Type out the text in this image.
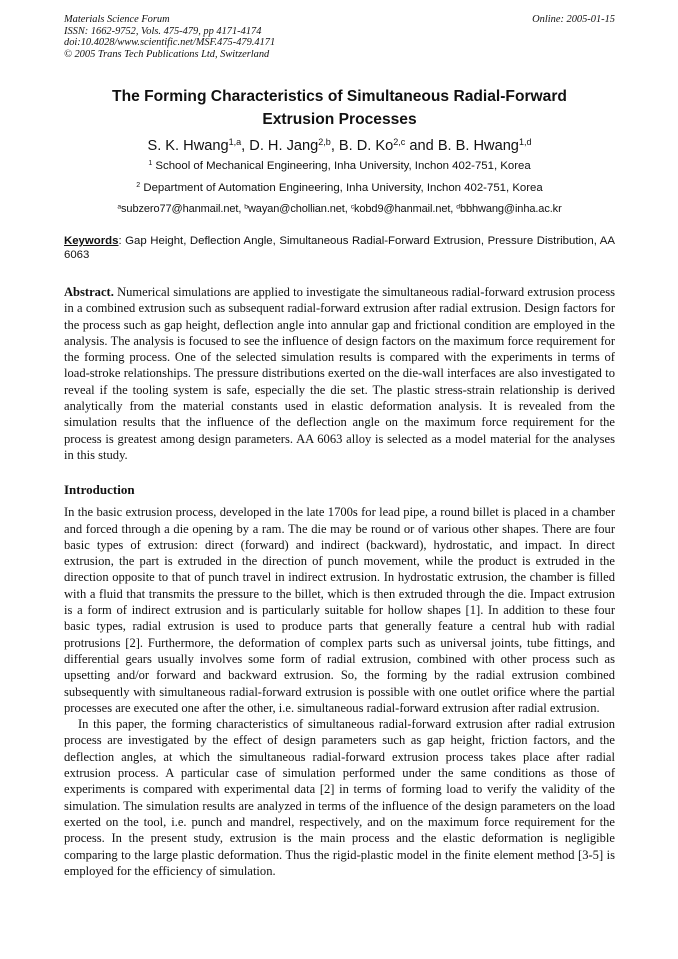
Materials Science Forum
ISSN: 1662-9752, Vols. 475-479, pp 4171-4174
doi:10.4028/www.scientific.net/MSF.475-479.4171
© 2005 Trans Tech Publications Ltd, Switzerland
Online: 2005-01-15
The Forming Characteristics of Simultaneous Radial-Forward
Extrusion Processes
S. K. Hwang$^{1,a}$, D. H. Jang$^{2,b}$, B. D. Ko$^{2,c}$ and B. B. Hwang$^{1,d}$
$^1$ School of Mechanical Engineering, Inha University, Inchon 402-751, Korea
$^2$ Department of Automation Engineering, Inha University, Inchon 402-751, Korea
$^a$subzero77@hanmail.net, $^b$wayan@chollian.net, $^c$kobd9@hanmail.net, $^d$bbhwang@inha.ac.kr
Keywords: Gap Height, Deflection Angle, Simultaneous Radial-Forward Extrusion, Pressure Distribution, AA 6063
Abstract. Numerical simulations are applied to investigate the simultaneous radial-forward extrusion process in a combined extrusion such as subsequent radial-forward extrusion after radial extrusion. Design factors for the process such as gap height, deflection angle into annular gap and frictional condition are employed in the analysis. The analysis is focused to see the influence of design factors on the maximum force requirement for the forming process. One of the selected simulation results is compared with the experiments in terms of load-stroke relationships. The pressure distributions exerted on the die-wall interfaces are also investigated to reveal if the tooling system is safe, especially the die set. The plastic stress-strain relationship is derived analytically from the material constants used in elastic deformation analysis. It is revealed from the simulation results that the influence of the deflection angle on the maximum force requirement for the process is greatest among design parameters. AA 6063 alloy is selected as a model material for the analyses in this study.
Introduction
In the basic extrusion process, developed in the late 1700s for lead pipe, a round billet is placed in a chamber and forced through a die opening by a ram. The die may be round or of various other shapes. There are four basic types of extrusion: direct (forward) and indirect (backward), hydrostatic, and impact. In direct extrusion, the part is extruded in the direction of punch movement, while the product is extruded in the direction opposite to that of punch travel in indirect extrusion. In hydrostatic extrusion, the chamber is filled with a fluid that transmits the pressure to the billet, which is then extruded through the die. Impact extrusion is a form of indirect extrusion and is particularly suitable for hollow shapes [1]. In addition to these four basic types, radial extrusion is used to produce parts that generally feature a central hub with radial protrusions [2]. Furthermore, the deformation of complex parts such as universal joints, tube fittings, and differential gears usually involves some form of radial extrusion, combined with other process such as upsetting and/or forward and backward extrusion. So, the forming by the radial extrusion combined subsequently with simultaneous radial-forward extrusion is possible with one outlet orifice where the partial processes are executed one after the other, i.e. simultaneous radial-forward extrusion after radial extrusion.
In this paper, the forming characteristics of simultaneous radial-forward extrusion after radial extrusion process are investigated by the effect of design parameters such as gap height, friction factors, and the deflection angles, at which the simultaneous radial-forward extrusion process takes place after radial extrusion process. A particular case of simulation performed under the same conditions as those of experiments is compared with experimental data [2] in terms of forming load to verify the validity of the simulation. The simulation results are analyzed in terms of the influence of the design parameters on the load exerted on the tool, i.e. punch and mandrel, respectively, and on the maximum force requirement for the process. In the present study, extrusion is the main process and the elastic deformation is negligible comparing to the large plastic deformation. Thus the rigid-plastic model in the finite element method [3-5] is employed for the efficiency of simulation.
